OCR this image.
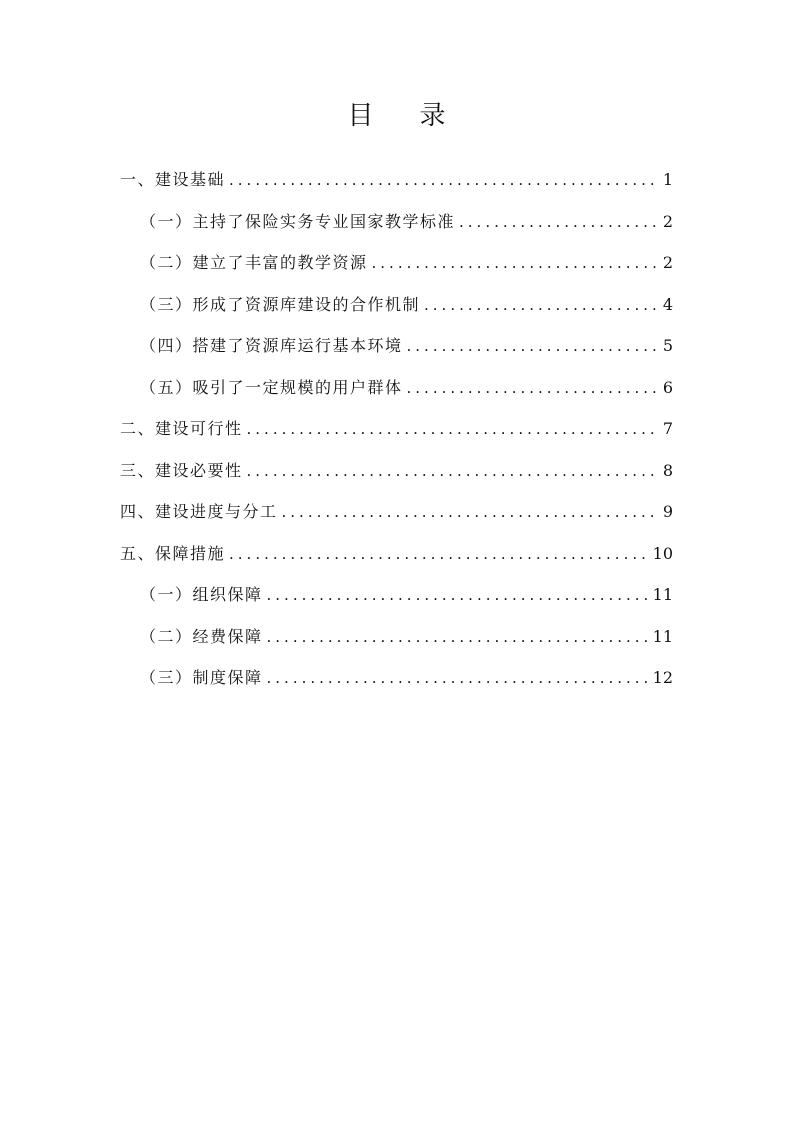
目录
一、建设基础 .....	1
（一）主持了保险实务专业国家教学标准 .....	2
（二）建立了丰富的教学资源 .....	2
（三）形成了资源库建设的合作机制 .....	4
（四）搭建了资源库运行基本环境 .....	5
（五）吸引了一定规模的用户群体 .....	6
二、建设可行性 .....	7
三、建设必要性 .....	8
四、建设进度与分工 .....	9
五、保障措施 .....	10
（一）组织保障 .....	11
（二）经费保障 .....	11
（三）制度保障 .....	12
